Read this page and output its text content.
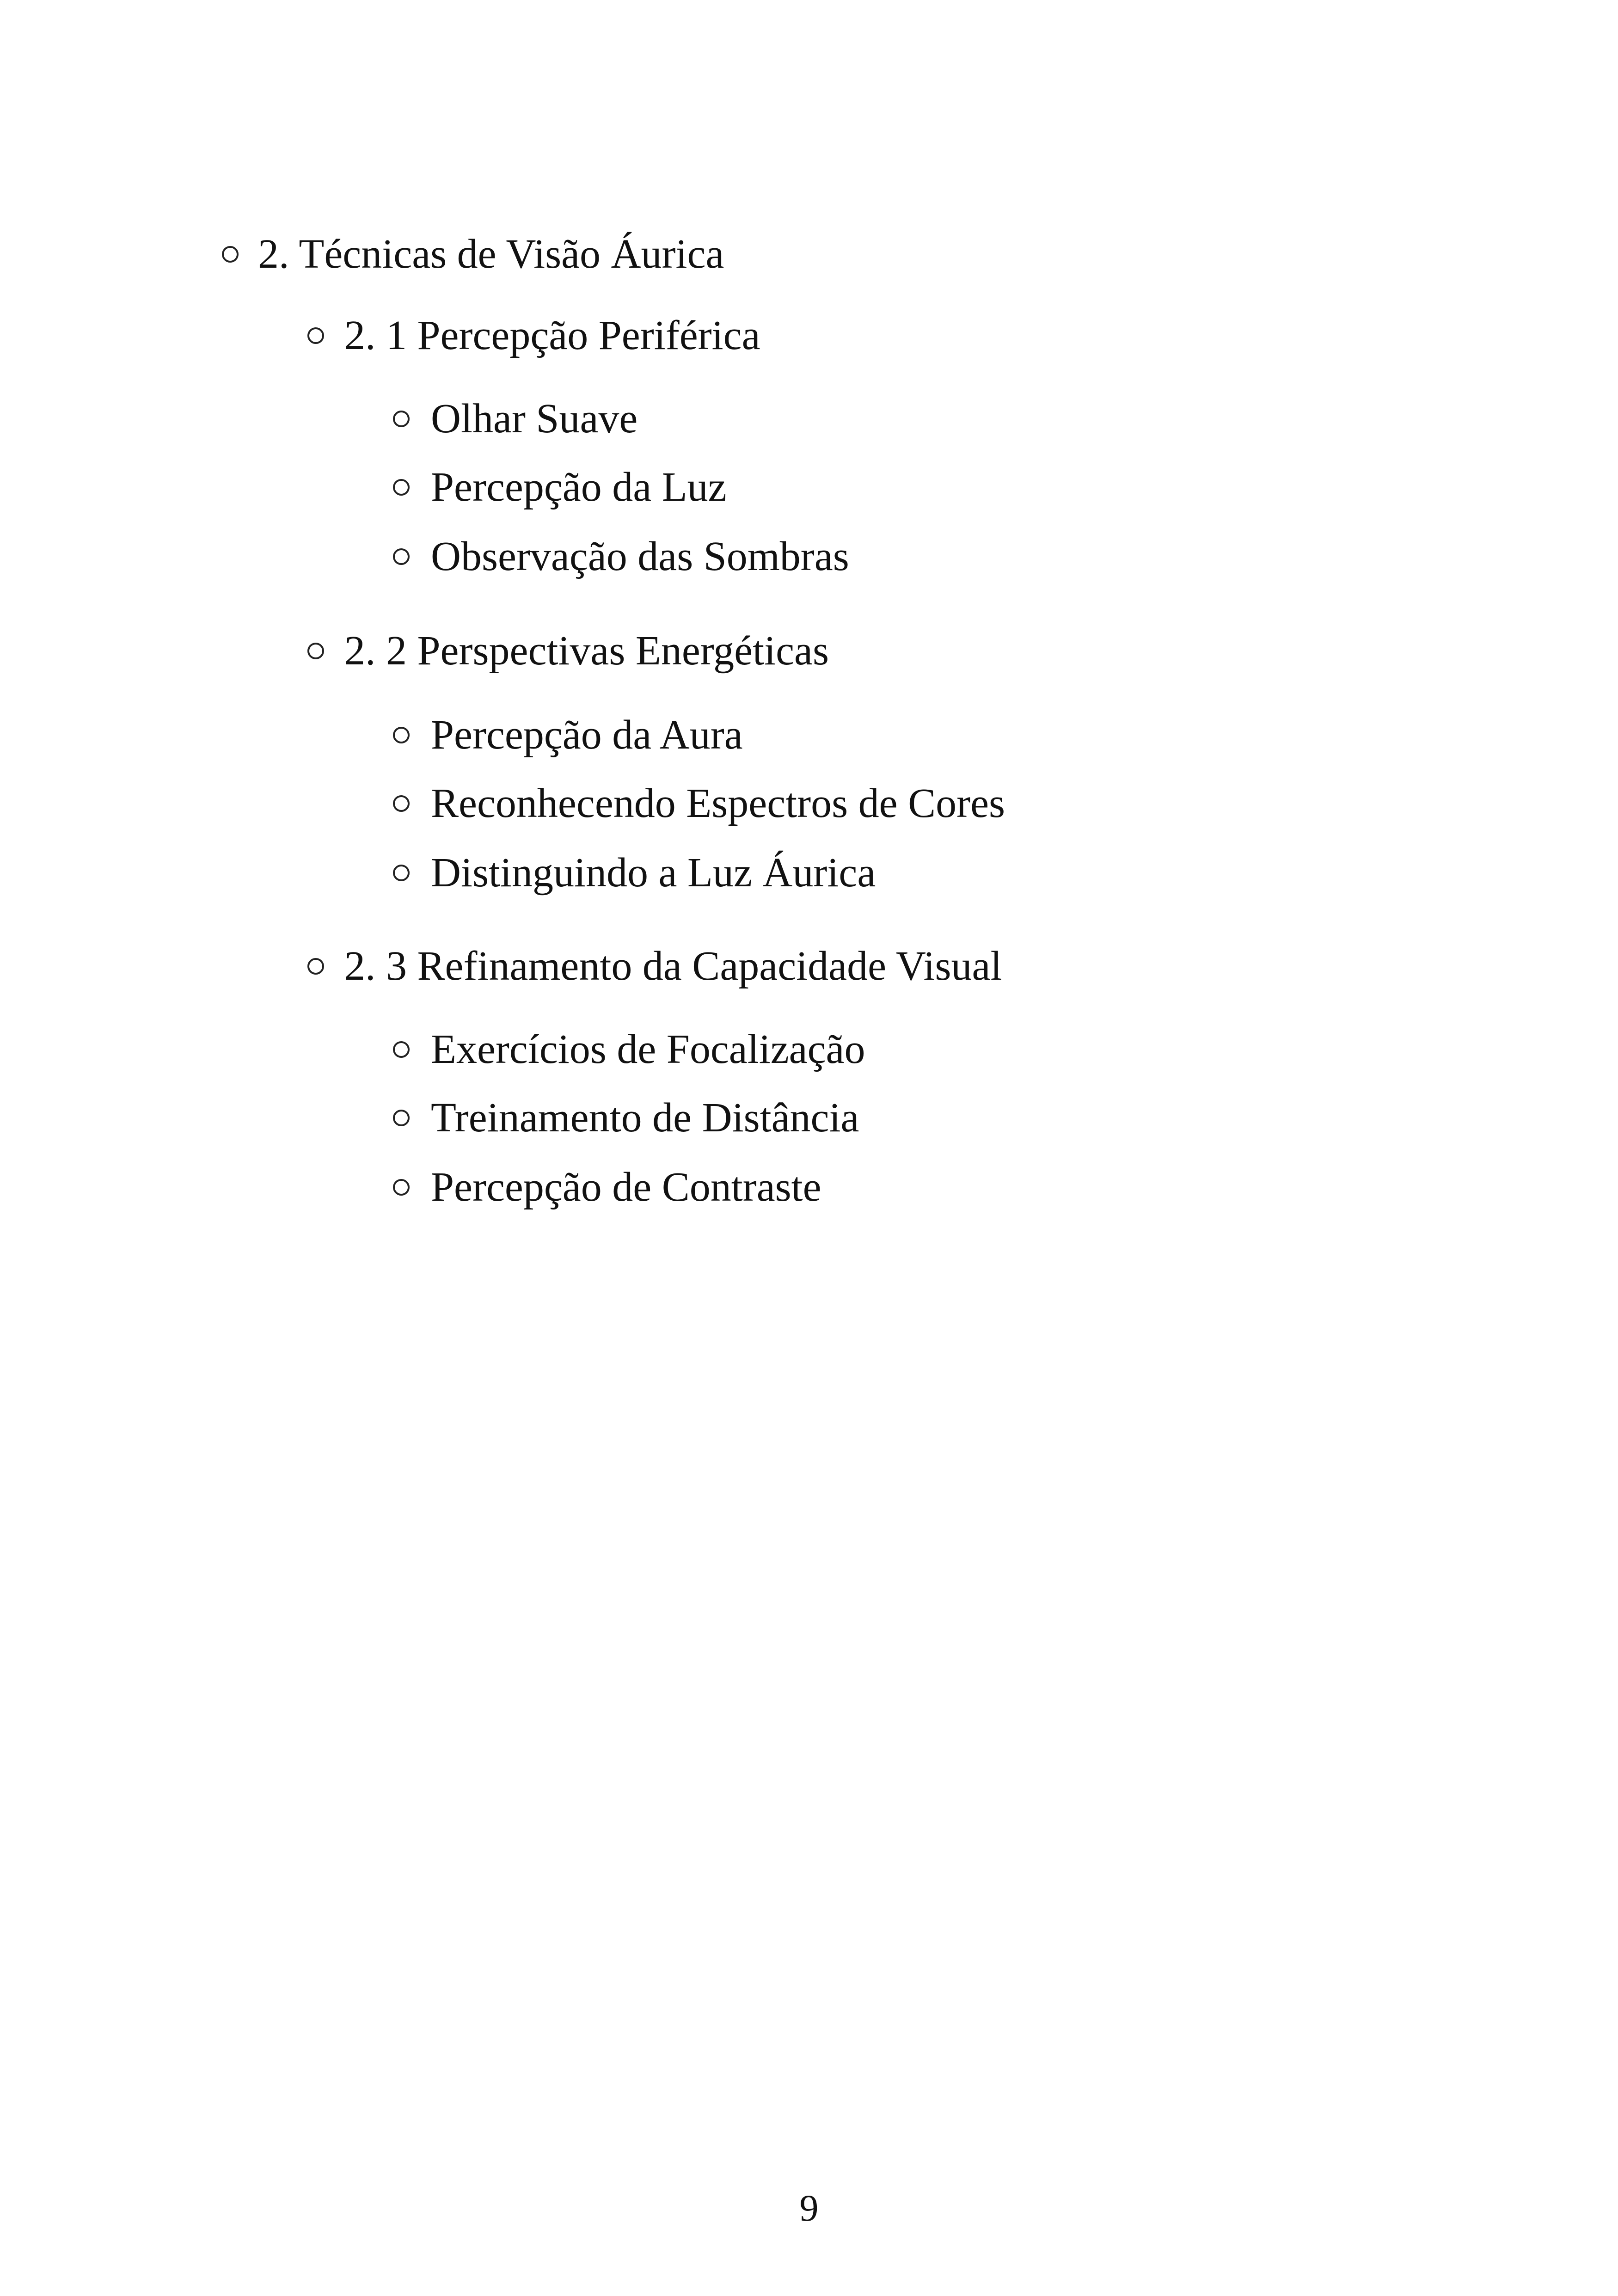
2. Técnicas de Visão Áurica
2. 1 Percepção Periférica
Olhar Suave
Percepção da Luz
Observação das Sombras
2. 2 Perspectivas Energéticas
Percepção da Aura
Reconhecendo Espectros de Cores
Distinguindo a Luz Áurica
2. 3 Refinamento da Capacidade Visual
Exercícios de Focalização
Treinamento de Distância
Percepção de Contraste
9
